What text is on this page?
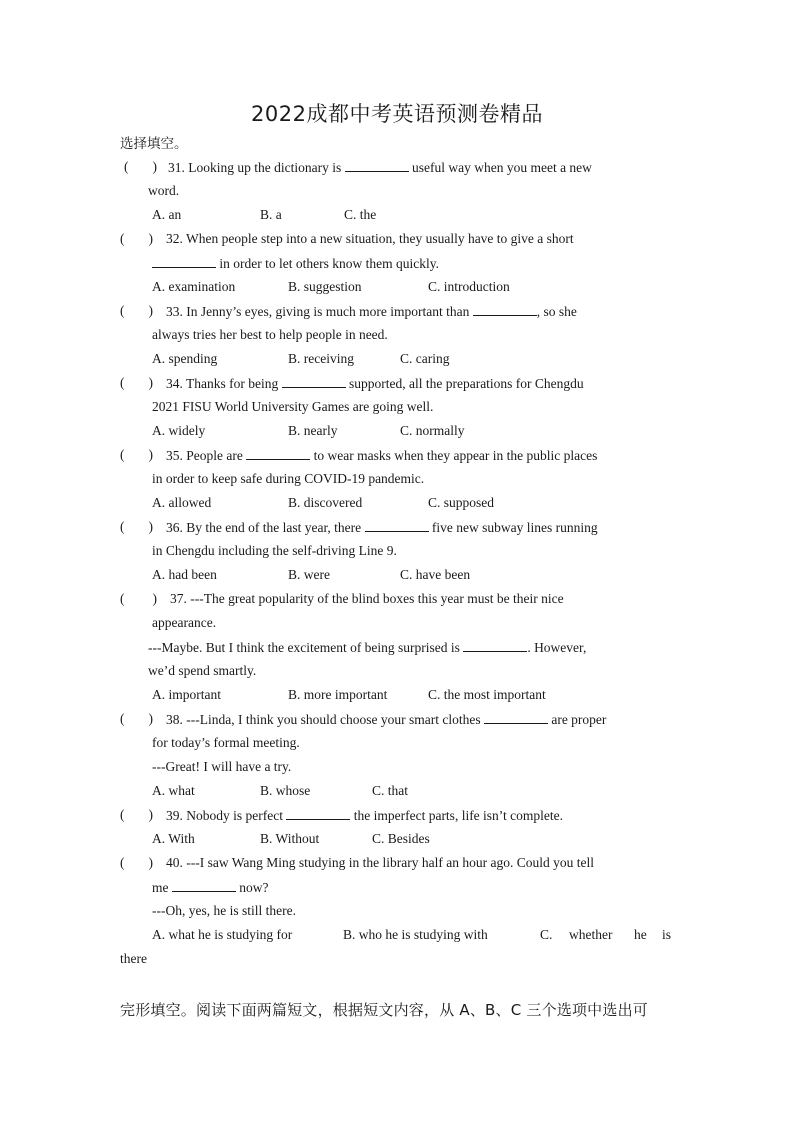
2022成都中考英语预测卷精品
选择填空。
( ) 31. Looking up the dictionary is	useful way when you meet a new
word.
A. an	B. a	C. the
( ) 32. When people step into a new situation, they usually have to give a short
in order to let others know them quickly.
A. examination	B. suggestion	C. introduction
( ) 33. In Jenny’s eyes, giving is much more important than	, so she
always tries her best to help people in need.
A. spending	B. receiving	C. caring
( ) 34. Thanks for being	supported, all the preparations for Chengdu
2021 FISU World University Games are going well.
A. widely	B. nearly	C. normally
( ) 35. People are	to wear masks when they appear in the public places
in order to keep safe during COVID-19 pandemic.
A. allowed	B. discovered	C. supposed
( ) 36. By the end of the last year, there	five new subway lines running
in Chengdu including the self-driving Line 9.
A. had been	B. were	C. have been
( ) 37. ---The great popularity of the blind boxes this year must be their nice
appearance.
---Maybe. But I think the excitement of being surprised is	. However,
we’d spend smartly.
A. important	B. more important	C. the most important
( ) 38. ---Linda, I think you should choose your smart clothes	are proper
for today’s formal meeting.
---Great! I will have a try.
A. what	B. whose	C. that
( ) 39. Nobody is perfect	the imperfect parts, life isn’t complete.
A. With	B. Without	C. Besides
( ) 40. ---I saw Wang Ming studying in the library half an hour ago. Could you tell
me	now?
---Oh, yes, he is still there.
A. what he is studying for	B. who he is studying with	C. whether he is
there
完形填空。阅读下面两篇短文，根据短文内容，从 A、B、C 三个选项中选出可
